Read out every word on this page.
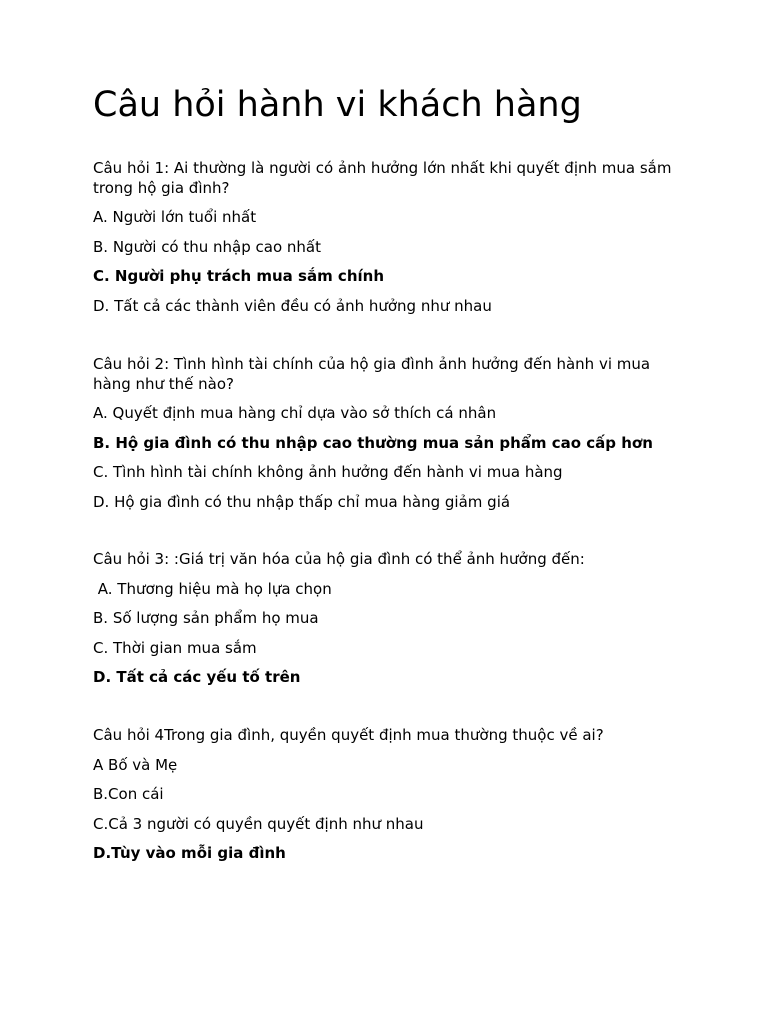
Câu hỏi hành vi khách hàng

Câu hỏi 1: Ai thường là người có ảnh hưởng lớn nhất khi quyết định mua sắm trong hộ gia đình?

A. Người lớn tuổi nhất

B. Người có thu nhập cao nhất

C. Người phụ trách mua sắm chính

D. Tất cả các thành viên đều có ảnh hưởng như nhau

Câu hỏi 2: Tình hình tài chính của hộ gia đình ảnh hưởng đến hành vi mua hàng như thế nào?

A. Quyết định mua hàng chỉ dựa vào sở thích cá nhân

B. Hộ gia đình có thu nhập cao thường mua sản phẩm cao cấp hơn

C. Tình hình tài chính không ảnh hưởng đến hành vi mua hàng

D. Hộ gia đình có thu nhập thấp chỉ mua hàng giảm giá

Câu hỏi 3: :Giá trị văn hóa của hộ gia đình có thể ảnh hưởng đến:

A. Thương hiệu mà họ lựa chọn

B. Số lượng sản phẩm họ mua

C. Thời gian mua sắm

D. Tất cả các yếu tố trên

Câu hỏi 4Trong gia đình, quyền quyết định mua thường thuộc về ai?

A Bố và Mẹ

B.Con cái

C.Cả 3 người có quyền quyết định như nhau

D.Tùy vào mỗi gia đình
